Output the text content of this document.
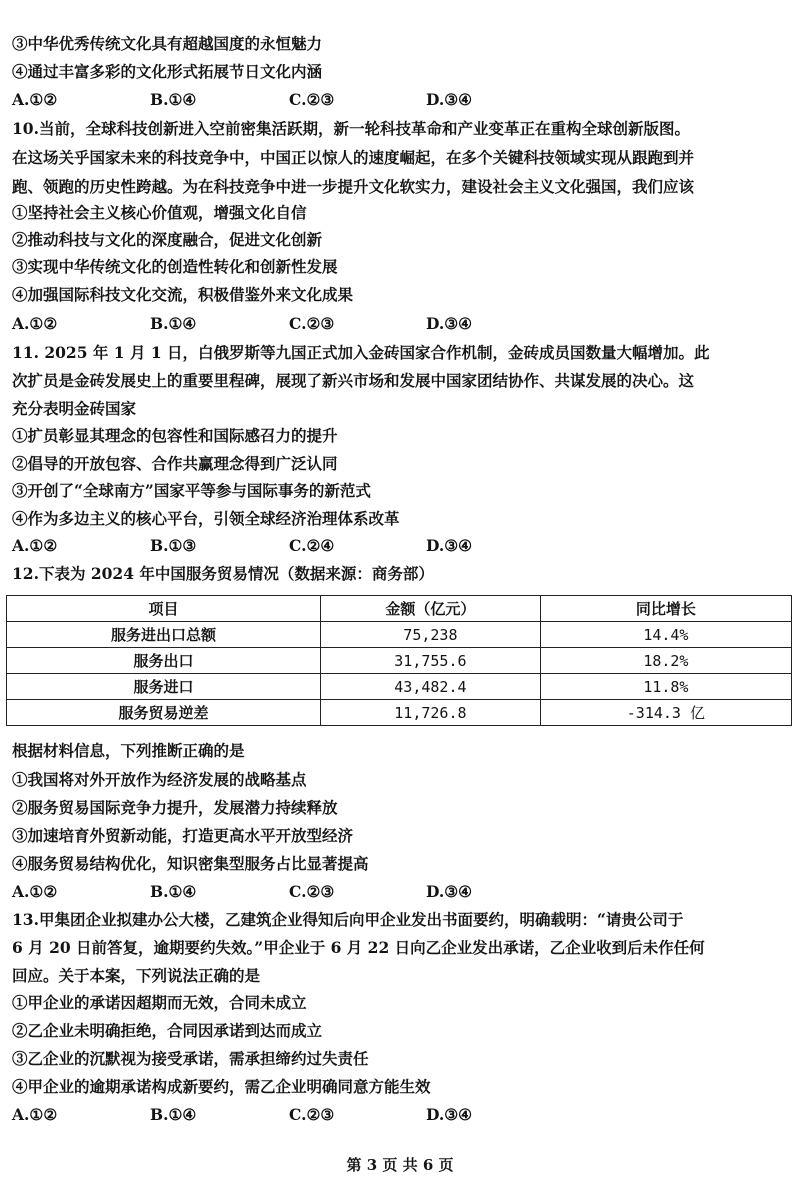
③中华优秀传统文化具有超越国度的永恒魅力
④通过丰富多彩的文化形式拓展节日文化内涵
A.①②	B.①④	C.②③	D.③④
10.当前，全球科技创新进入空前密集活跃期，新一轮科技革命和产业变革正在重构全球创新版图。
在这场关乎国家未来的科技竞争中，中国正以惊人的速度崛起，在多个关键科技领域实现从跟跑到并
跑、领跑的历史性跨越。为在科技竞争中进一步提升文化软实力，建设社会主义文化强国，我们应该
①坚持社会主义核心价值观，增强文化自信
②推动科技与文化的深度融合，促进文化创新
③实现中华传统文化的创造性转化和创新性发展
④加强国际科技文化交流，积极借鉴外来文化成果
A.①②	B.①④	C.②③	D.③④
11. 2025 年 1 月 1 日，白俄罗斯等九国正式加入金砖国家合作机制，金砖成员国数量大幅增加。此
次扩员是金砖发展史上的重要里程碑，展现了新兴市场和发展中国家团结协作、共谋发展的决心。这
充分表明金砖国家
①扩员彰显其理念的包容性和国际感召力的提升
②倡导的开放包容、合作共赢理念得到广泛认同
③开创了“全球南方”国家平等参与国际事务的新范式
④作为多边主义的核心平台，引领全球经济治理体系改革
A.①②	B.①③	C.②④	D.③④
12.下表为 2024 年中国服务贸易情况（数据来源：商务部）
项目	金额（亿元）	同比增长
服务进出口总额	75,238	14.4%
服务出口	31,755.6	18.2%
服务进口	43,482.4	11.8%
服务贸易逆差	11,726.8	-314.3 亿
根据材料信息，下列推断正确的是
①我国将对外开放作为经济发展的战略基点
②服务贸易国际竞争力提升，发展潜力持续释放
③加速培育外贸新动能，打造更高水平开放型经济
④服务贸易结构优化，知识密集型服务占比显著提高
A.①②	B.①④	C.②③	D.③④
13.甲集团企业拟建办公大楼，乙建筑企业得知后向甲企业发出书面要约，明确载明：“请贵公司于
6 月 20 日前答复，逾期要约失效。”甲企业于 6 月 22 日向乙企业发出承诺，乙企业收到后未作任何
回应。关于本案，下列说法正确的是
①甲企业的承诺因超期而无效，合同未成立
②乙企业未明确拒绝，合同因承诺到达而成立
③乙企业的沉默视为接受承诺，需承担缔约过失责任
④甲企业的逾期承诺构成新要约，需乙企业明确同意方能生效
A.①②	B.①④	C.②③	D.③④
第 3 页 共 6 页
